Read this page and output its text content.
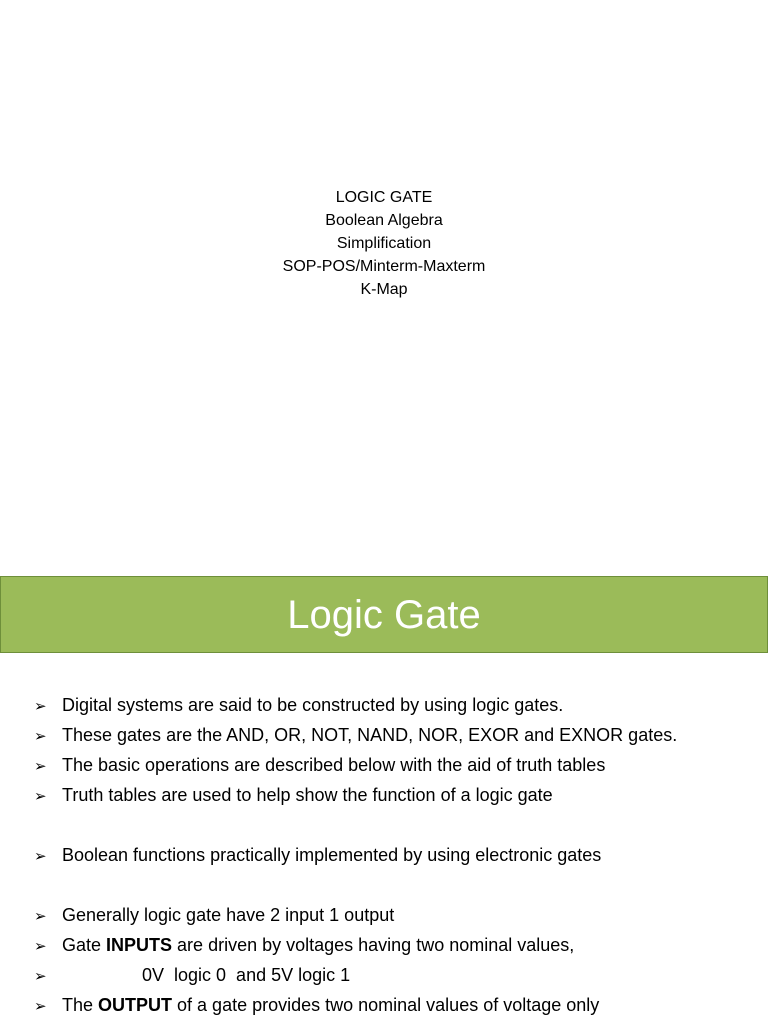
LOGIC GATE
Boolean Algebra
Simplification
SOP-POS/Minterm-Maxterm
K-Map
Logic Gate
➢ Digital systems are said to be constructed by using logic gates.
➢ These gates are the AND, OR, NOT, NAND, NOR, EXOR and EXNOR gates.
➢ The basic operations are described below with the aid of truth tables
➢ Truth tables are used to help show the function of a logic gate
➢ Boolean functions practically implemented by using electronic gates
➢ Generally logic gate have 2 input 1 output
➢ Gate INPUTS are driven by voltages having two nominal values,
➢	0V  logic 0  and 5V logic 1
➢ The OUTPUT of a gate provides two nominal values of voltage only
